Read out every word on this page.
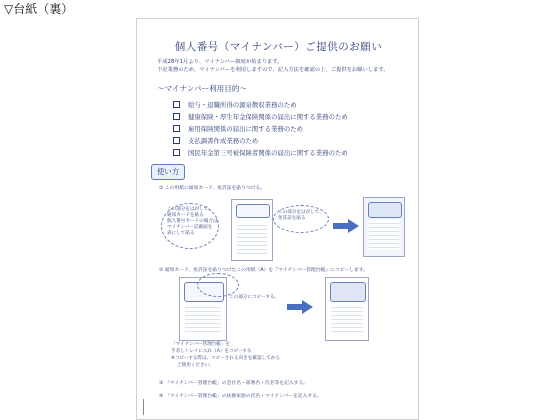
▽台紙（裏）
個人番号（マイナンバー）ご提供のお願い
平成28年1月より、マイナンバー制度が始まります。
下記業務のため、マイナンバーを利用しますので、記入方法を確認の上、ご提供をお願いします。
〜マイナンバー利用目的〜
給与・退職所得の源泉徴収業務のため
健康保険・厚生年金保険関係の届出に関する業務のため
雇用保険関係の届出に関する業務のため
支払調書作成業務のため
国民年金第三号被保険者関係の届出に関する業務のため
使い方
① この用紙に通知カード、免許証を貼りつける。
この部分をはがして、
通知カードを貼る
個人番号カードの場合は
マイナンバー記載面を
表にして貼る
この部分をはがして、
免許証を貼る
② 通知カード、免許証を貼りつけたこの用紙（A）を『マイナンバー管理台帳』にコピーします。
この部分にコピーする。
「マイナンバー管理台帳」を
手差しトレイに入れ（A）をコピーする
※コピーする際は、コピーされる向きを確認してから
ご使用ください。
③ 「マイナンバー管理台帳」の会社名・部署名・氏名等を記入する。
④ 「マイナンバー管理台帳」の扶養家族の氏名・マイナンバーを記入する。
